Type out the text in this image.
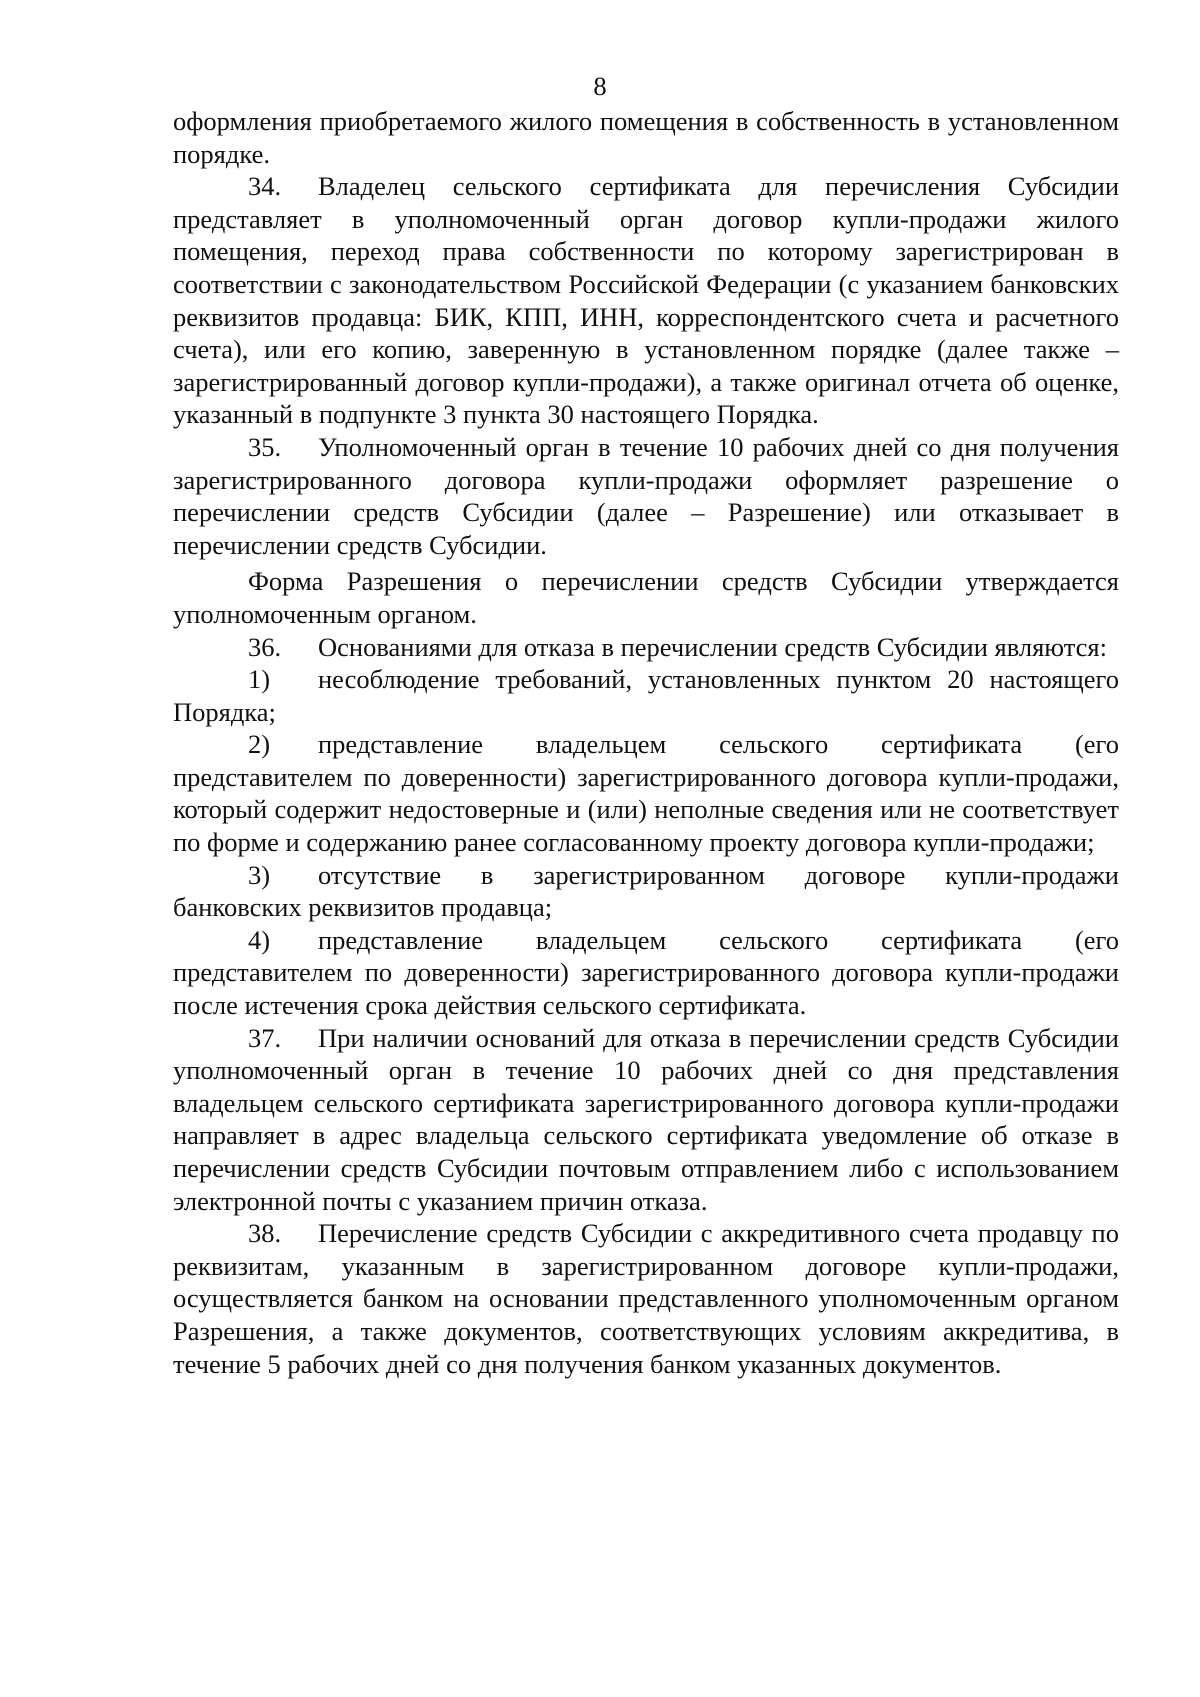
8

оформления приобретаемого жилого помещения в собственность в установленном порядке.

34. Владелец сельского сертификата для перечисления Субсидии представляет в уполномоченный орган договор купли-продажи жилого помещения, переход права собственности по которому зарегистрирован в соответствии с законодательством Российской Федерации (с указанием банковских реквизитов продавца: БИК, КПП, ИНН, корреспондентского счета и расчетного счета), или его копию, заверенную в установленном порядке (далее также – зарегистрированный договор купли-продажи), а также оригинал отчета об оценке, указанный в подпункте 3 пункта 30 настоящего Порядка.

35. Уполномоченный орган в течение 10 рабочих дней со дня получения зарегистрированного договора купли-продажи оформляет разрешение о перечислении средств Субсидии (далее – Разрешение) или отказывает в перечислении средств Субсидии.

Форма Разрешения о перечислении средств Субсидии утверждается уполномоченным органом.

36. Основаниями для отказа в перечислении средств Субсидии являются:

1) несоблюдение требований, установленных пунктом 20 настоящего Порядка;

2) представление владельцем сельского сертификата (его представителем по доверенности) зарегистрированного договора купли-продажи, который содержит недостоверные и (или) неполные сведения или не соответствует по форме и содержанию ранее согласованному проекту договора купли-продажи;

3) отсутствие в зарегистрированном договоре купли-продажи банковских реквизитов продавца;

4) представление владельцем сельского сертификата (его представителем по доверенности) зарегистрированного договора купли-продажи после истечения срока действия сельского сертификата.

37. При наличии оснований для отказа в перечислении средств Субсидии уполномоченный орган в течение 10 рабочих дней со дня представления владельцем сельского сертификата зарегистрированного договора купли-продажи направляет в адрес владельца сельского сертификата уведомление об отказе в перечислении средств Субсидии почтовым отправлением либо с использованием электронной почты с указанием причин отказа.

38. Перечисление средств Субсидии с аккредитивного счета продавцу по реквизитам, указанным в зарегистрированном договоре купли-продажи, осуществляется банком на основании представленного уполномоченным органом Разрешения, а также документов, соответствующих условиям аккредитива, в течение 5 рабочих дней со дня получения банком указанных документов.
